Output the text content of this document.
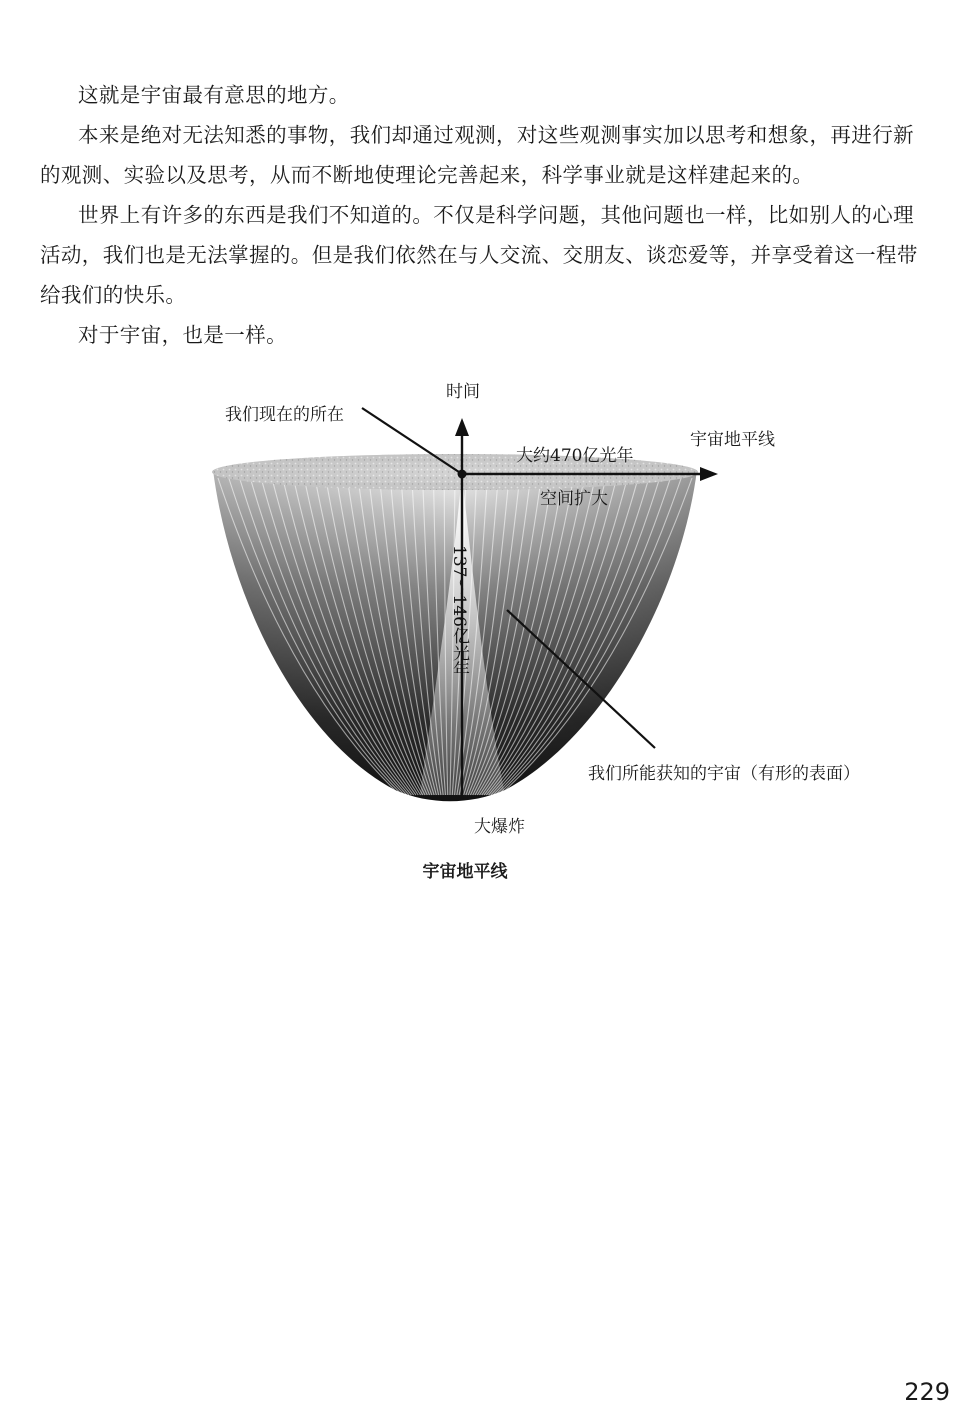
这就是宇宙最有意思的地方。

本来是绝对无法知悉的事物，我们却通过观测，对这些观测事实加以思考和想象，再进行新的观测、实验以及思考，从而不断地使理论完善起来，科学事业就是这样建起来的。

世界上有许多的东西是我们不知道的。不仅是科学问题，其他问题也一样，比如别人的心理活动，我们也是无法掌握的。但是我们依然在与人交流、交朋友、谈恋爱等，并享受着这一程带给我们的快乐。

对于宇宙，也是一样。

时间
我们现在的所在
宇宙地平线
大约470亿光年
空间扩大
137～146亿光年
我们所能获知的宇宙（有形的表面）
大爆炸
宇宙地平线
229
